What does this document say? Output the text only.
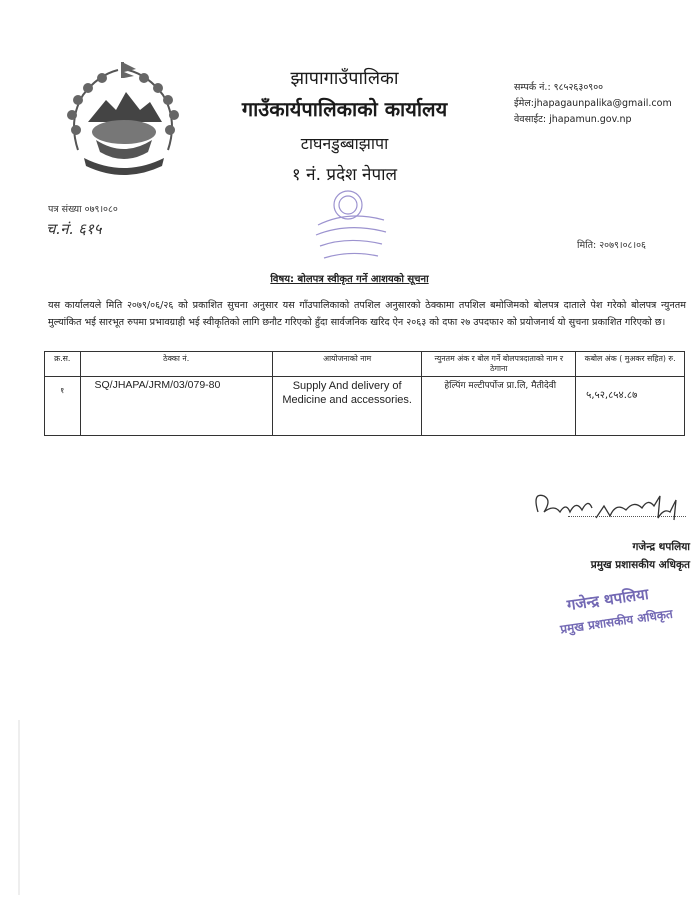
झापागाउँपालिका
गाउँकार्यपालिकाको कार्यालय
टाघनडुब्बाझापा
१ नं. प्रदेश नेपाल
सम्पर्क नं.: ९८५२६३०९००
ईमेल:jhapagaunpalika@gmail.com
वेवसाईट: jhapamun.gov.np
पत्र संख्या ०७९।०८०
च.नं. ६१५
मिति: २०७९।०८।०६
विषय: बोलपत्र स्वीकृत गर्ने आशयको सूचना
यस कार्यालयले मिति २०७९/०६/२६ को प्रकाशित सुचना अनुसार यस गाँउपालिकाको तपशिल अनुसारको ठेक्कामा तपशिल बमोजिमको बोलपत्र दाताले पेश गरेको बोलपत्र न्युनतम मुल्यांकित भई सारभूत रुपमा प्रभावग्राही भई स्वीकृतिको लागि छनौट गरिएको हुँदा सार्वजनिक खरिद ऐन २०६३ को दफा २७ उपदफा२ को प्रयोजनार्थ यो सुचना प्रकाशित गरिएको छ।
क्र.स.	ठेक्का नं.	आयोजनाको नाम	न्युनतम अंक र बोल गर्ने बोलपत्रदाताको नाम र ठेगाना	कबोल अंक ( मुअकर सहित) रु.
१	SQ/JHAPA/JRM/03/079-80	Supply And delivery of Medicine and accessories.	हेल्पिंग मल्टीपर्पोज प्रा.लि, मैतीदेवी	५,५२,८५४.८७
गजेन्द्र थपलिया
प्रमुख प्रशासकीय अधिकृत
गजेन्द्र थपलिया
प्रमुख प्रशासकीय अधिकृत
